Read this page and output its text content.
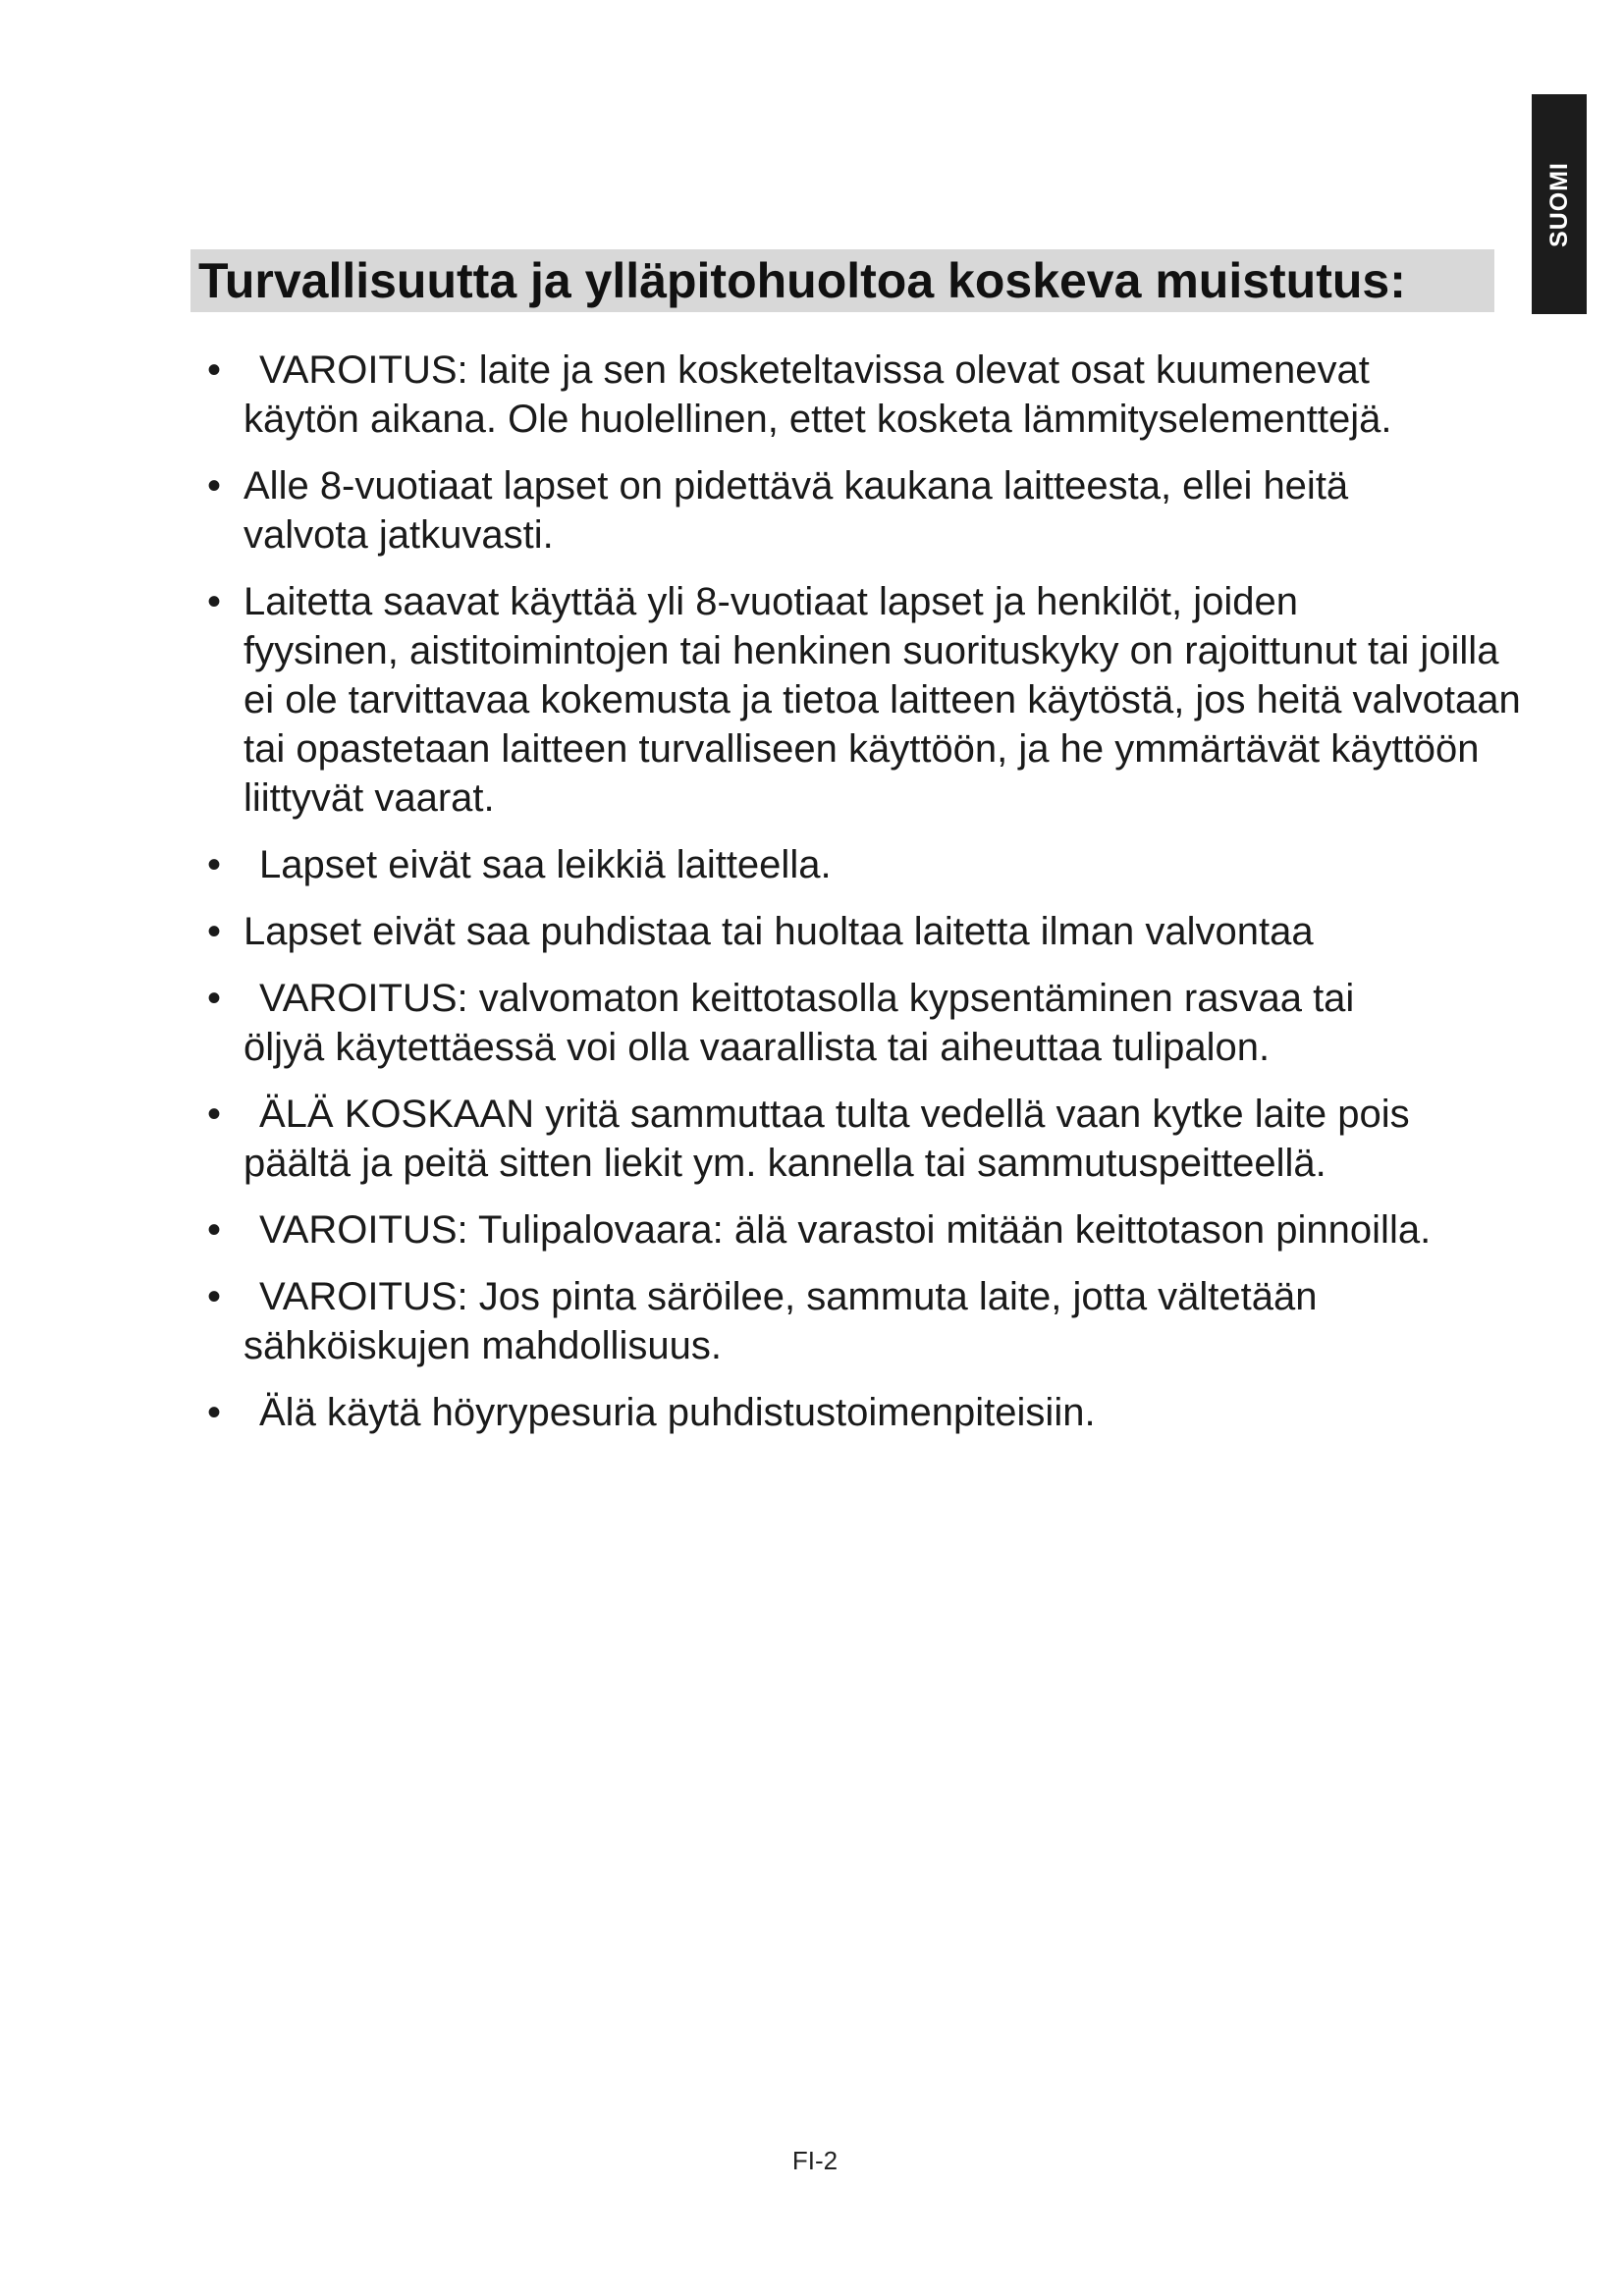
SUOMI
Turvallisuutta ja ylläpitohuoltoa koskeva muistutus:
• VAROITUS: laite ja sen kosketeltavissa olevat osat kuumenevat
käytön aikana. Ole huolellinen, ettet kosketa lämmityselementtejä.
• Alle 8-vuotiaat lapset on pidettävä kaukana laitteesta, ellei heitä
valvota jatkuvasti.
• Laitetta saavat käyttää yli 8-vuotiaat lapset ja henkilöt, joiden
fyysinen, aistitoimintojen tai henkinen suorituskyky on rajoittunut tai joilla ei ole tarvittavaa kokemusta ja tietoa laitteen käytöstä, jos heitä valvotaan tai opastetaan laitteen turvalliseen käyttöön, ja he ymmärtävät käyttöön liittyvät vaarat.
• Lapset eivät saa leikkiä laitteella.
• Lapset eivät saa puhdistaa tai huoltaa laitetta ilman valvontaa
• VAROITUS: valvomaton keittotasolla kypsentäminen rasvaa tai
öljyä käytettäessä voi olla vaarallista tai aiheuttaa tulipalon.
• ÄLÄ KOSKAAN yritä sammuttaa tulta vedellä vaan kytke laite pois
päältä ja peitä sitten liekit ym. kannella tai sammutuspeitteellä.
• VAROITUS: Tulipalovaara: älä varastoi mitään keittotason pinnoilla.
• VAROITUS: Jos pinta säröilee, sammuta laite, jotta vältetään
sähköiskujen mahdollisuus.
• Älä käytä höyrypesuria puhdistustoimenpiteisiin.
FI-2
